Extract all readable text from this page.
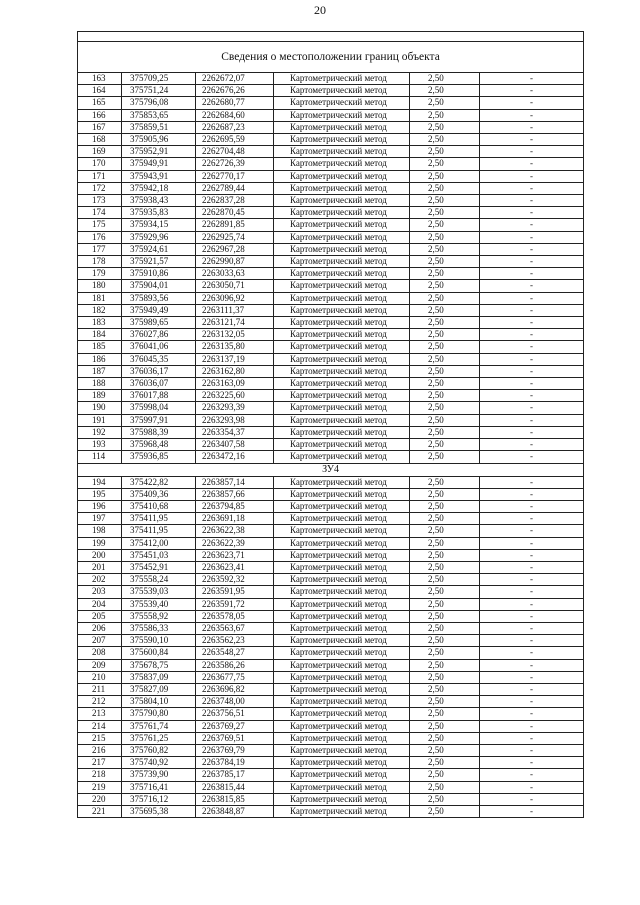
20

Сведения о местоположении границ объекта					
163	375709,25	2262672,07	Картометрический метод	2,50	-
164	375751,24	2262676,26	Картометрический метод	2,50	-
165	375796,08	2262680,77	Картометрический метод	2,50	-
166	375853,65	2262684,60	Картометрический метод	2,50	-
167	375859,51	2262687,23	Картометрический метод	2,50	-
168	375905,96	2262695,59	Картометрический метод	2,50	-
169	375952,91	2262704,48	Картометрический метод	2,50	-
170	375949,91	2262726,39	Картометрический метод	2,50	-
171	375943,91	2262770,17	Картометрический метод	2,50	-
172	375942,18	2262789,44	Картометрический метод	2,50	-
173	375938,43	2262837,28	Картометрический метод	2,50	-
174	375935,83	2262870,45	Картометрический метод	2,50	-
175	375934,15	2262891,85	Картометрический метод	2,50	-
176	375929,96	2262925,74	Картометрический метод	2,50	-
177	375924,61	2262967,28	Картометрический метод	2,50	-
178	375921,57	2262990,87	Картометрический метод	2,50	-
179	375910,86	2263033,63	Картометрический метод	2,50	-
180	375904,01	2263050,71	Картометрический метод	2,50	-
181	375893,56	2263096,92	Картометрический метод	2,50	-
182	375949,49	2263111,37	Картометрический метод	2,50	-
183	375989,65	2263121,74	Картометрический метод	2,50	-
184	376027,86	2263132,05	Картометрический метод	2,50	-
185	376041,06	2263135,80	Картометрический метод	2,50	-
186	376045,35	2263137,19	Картометрический метод	2,50	-
187	376036,17	2263162,80	Картометрический метод	2,50	-
188	376036,07	2263163,09	Картометрический метод	2,50	-
189	376017,88	2263225,60	Картометрический метод	2,50	-
190	375998,04	2263293,39	Картометрический метод	2,50	-
191	375997,91	2263293,98	Картометрический метод	2,50	-
192	375988,39	2263354,37	Картометрический метод	2,50	-
193	375968,48	2263407,58	Картометрический метод	2,50	-
114	375936,85	2263472,16	Картометрический метод	2,50	-
ЗУ4					
194	375422,82	2263857,14	Картометрический метод	2,50	-
195	375409,36	2263857,66	Картометрический метод	2,50	-
196	375410,68	2263794,85	Картометрический метод	2,50	-
197	375411,95	2263691,18	Картометрический метод	2,50	-
198	375411,95	2263622,38	Картометрический метод	2,50	-
199	375412,00	2263622,39	Картометрический метод	2,50	-
200	375451,03	2263623,71	Картометрический метод	2,50	-
201	375452,91	2263623,41	Картометрический метод	2,50	-
202	375558,24	2263592,32	Картометрический метод	2,50	-
203	375539,03	2263591,95	Картометрический метод	2,50	-
204	375539,40	2263591,72	Картометрический метод	2,50	-
205	375558,92	2263578,05	Картометрический метод	2,50	-
206	375586,33	2263563,67	Картометрический метод	2,50	-
207	375590,10	2263562,23	Картометрический метод	2,50	-
208	375600,84	2263548,27	Картометрический метод	2,50	-
209	375678,75	2263586,26	Картометрический метод	2,50	-
210	375837,09	2263677,75	Картометрический метод	2,50	-
211	375827,09	2263696,82	Картометрический метод	2,50	-
212	375804,10	2263748,00	Картометрический метод	2,50	-
213	375790,80	2263756,51	Картометрический метод	2,50	-
214	375761,74	2263769,27	Картометрический метод	2,50	-
215	375761,25	2263769,51	Картометрический метод	2,50	-
216	375760,82	2263769,79	Картометрический метод	2,50	-
217	375740,92	2263784,19	Картометрический метод	2,50	-
218	375739,90	2263785,17	Картометрический метод	2,50	-
219	375716,41	2263815,44	Картометрический метод	2,50	-
220	375716,12	2263815,85	Картометрический метод	2,50	-
221	375695,38	2263848,87	Картометрический метод	2,50	-
